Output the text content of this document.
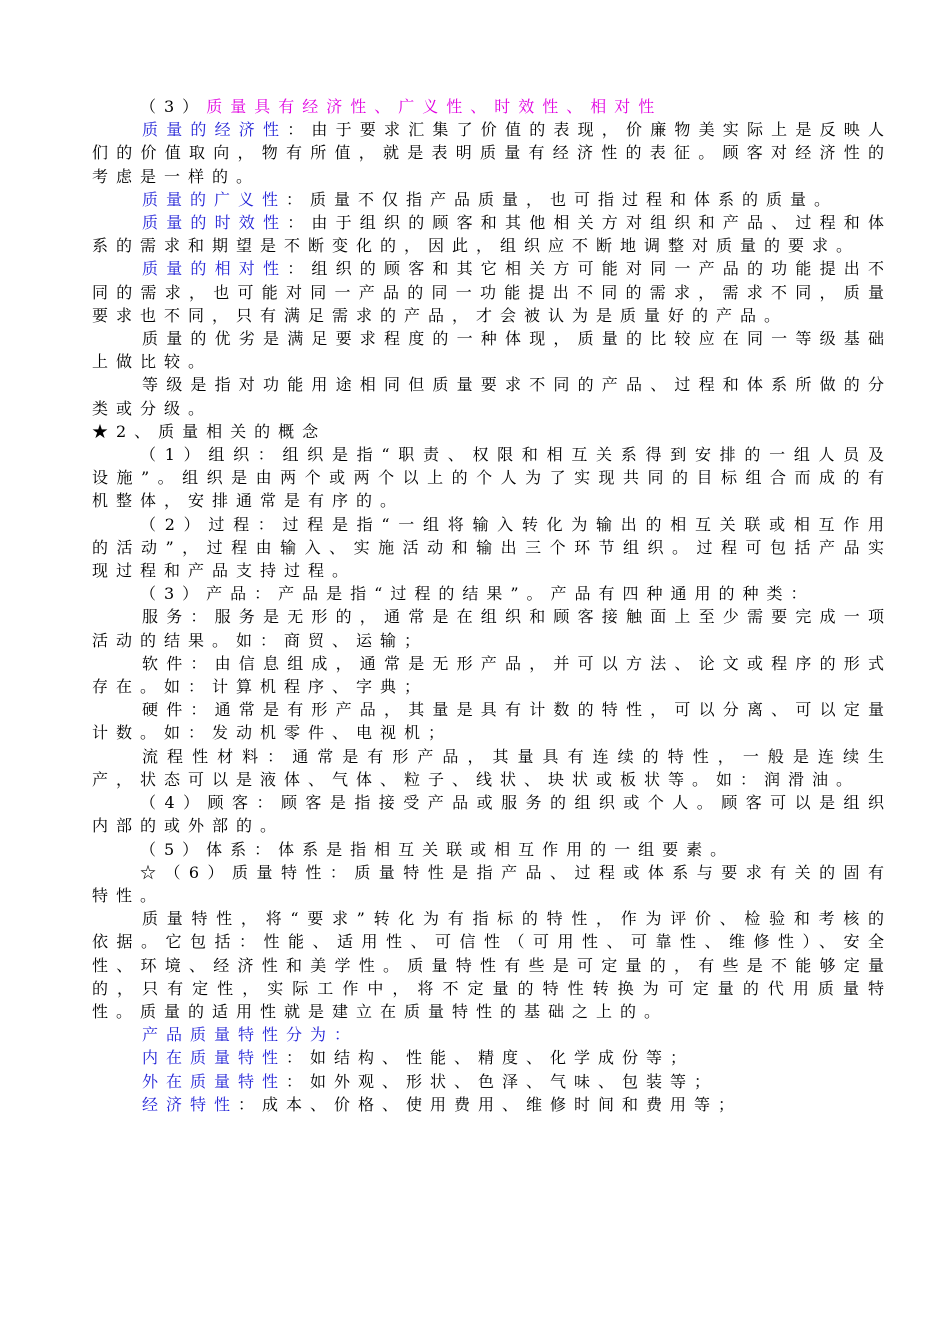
（3）质量具有经济性、广义性、时效性、相对性

质量的经济性：由于要求汇集了价值的表现，价廉物美实际上是反映人们的价值取向，物有所值，就是表明质量有经济性的表征。顾客对经济性的考虑是一样的。

质量的广义性：质量不仅指产品质量，也可指过程和体系的质量。

质量的时效性：由于组织的顾客和其他相关方对组织和产品、过程和体系的需求和期望是不断变化的，因此，组织应不断地调整对质量的要求。

质量的相对性：组织的顾客和其它相关方可能对同一产品的功能提出不同的需求，也可能对同一产品的同一功能提出不同的需求，需求不同，质量要求也不同，只有满足需求的产品，才会被认为是质量好的产品。

质量的优劣是满足要求程度的一种体现，质量的比较应在同一等级基础上做比较。

等级是指对功能用途相同但质量要求不同的产品、过程和体系所做的分类或分级。

★2、质量相关的概念

（1）组织：组织是指“职责、权限和相互关系得到安排的一组人员及设施”。组织是由两个或两个以上的个人为了实现共同的目标组合而成的有机整体，安排通常是有序的。

（2）过程：过程是指“一组将输入转化为输出的相互关联或相互作用的活动”，过程由输入、实施活动和输出三个环节组织。过程可包括产品实现过程和产品支持过程。

（3）产品：产品是指“过程的结果”。产品有四种通用的种类：

服务：服务是无形的，通常是在组织和顾客接触面上至少需要完成一项活动的结果。如：商贸、运输；

软件：由信息组成，通常是无形产品，并可以方法、论文或程序的形式存在。如：计算机程序、字典；

硬件：通常是有形产品，其量是具有计数的特性，可以分离、可以定量计数。如：发动机零件、电视机；

流程性材料：通常是有形产品，其量具有连续的特性，一般是连续生产，状态可以是液体、气体、粒子、线状、块状或板状等。如：润滑油。

（4）顾客：顾客是指接受产品或服务的组织或个人。顾客可以是组织内部的或外部的。

（5）体系：体系是指相互关联或相互作用的一组要素。

☆（6）质量特性：质量特性是指产品、过程或体系与要求有关的固有特性。

质量特性，将“要求”转化为有指标的特性，作为评价、检验和考核的依据。它包括：性能、适用性、可信性（可用性、可靠性、维修性）、安全性、环境、经济性和美学性。质量特性有些是可定量的，有些是不能够定量的，只有定性，实际工作中，将不定量的特性转换为可定量的代用质量特性。质量的适用性就是建立在质量特性的基础之上的。

产品质量特性分为：

内在质量特性：如结构、性能、精度、化学成份等；

外在质量特性：如外观、形状、色泽、气味、包装等；

经济特性：成本、价格、使用费用、维修时间和费用等；
